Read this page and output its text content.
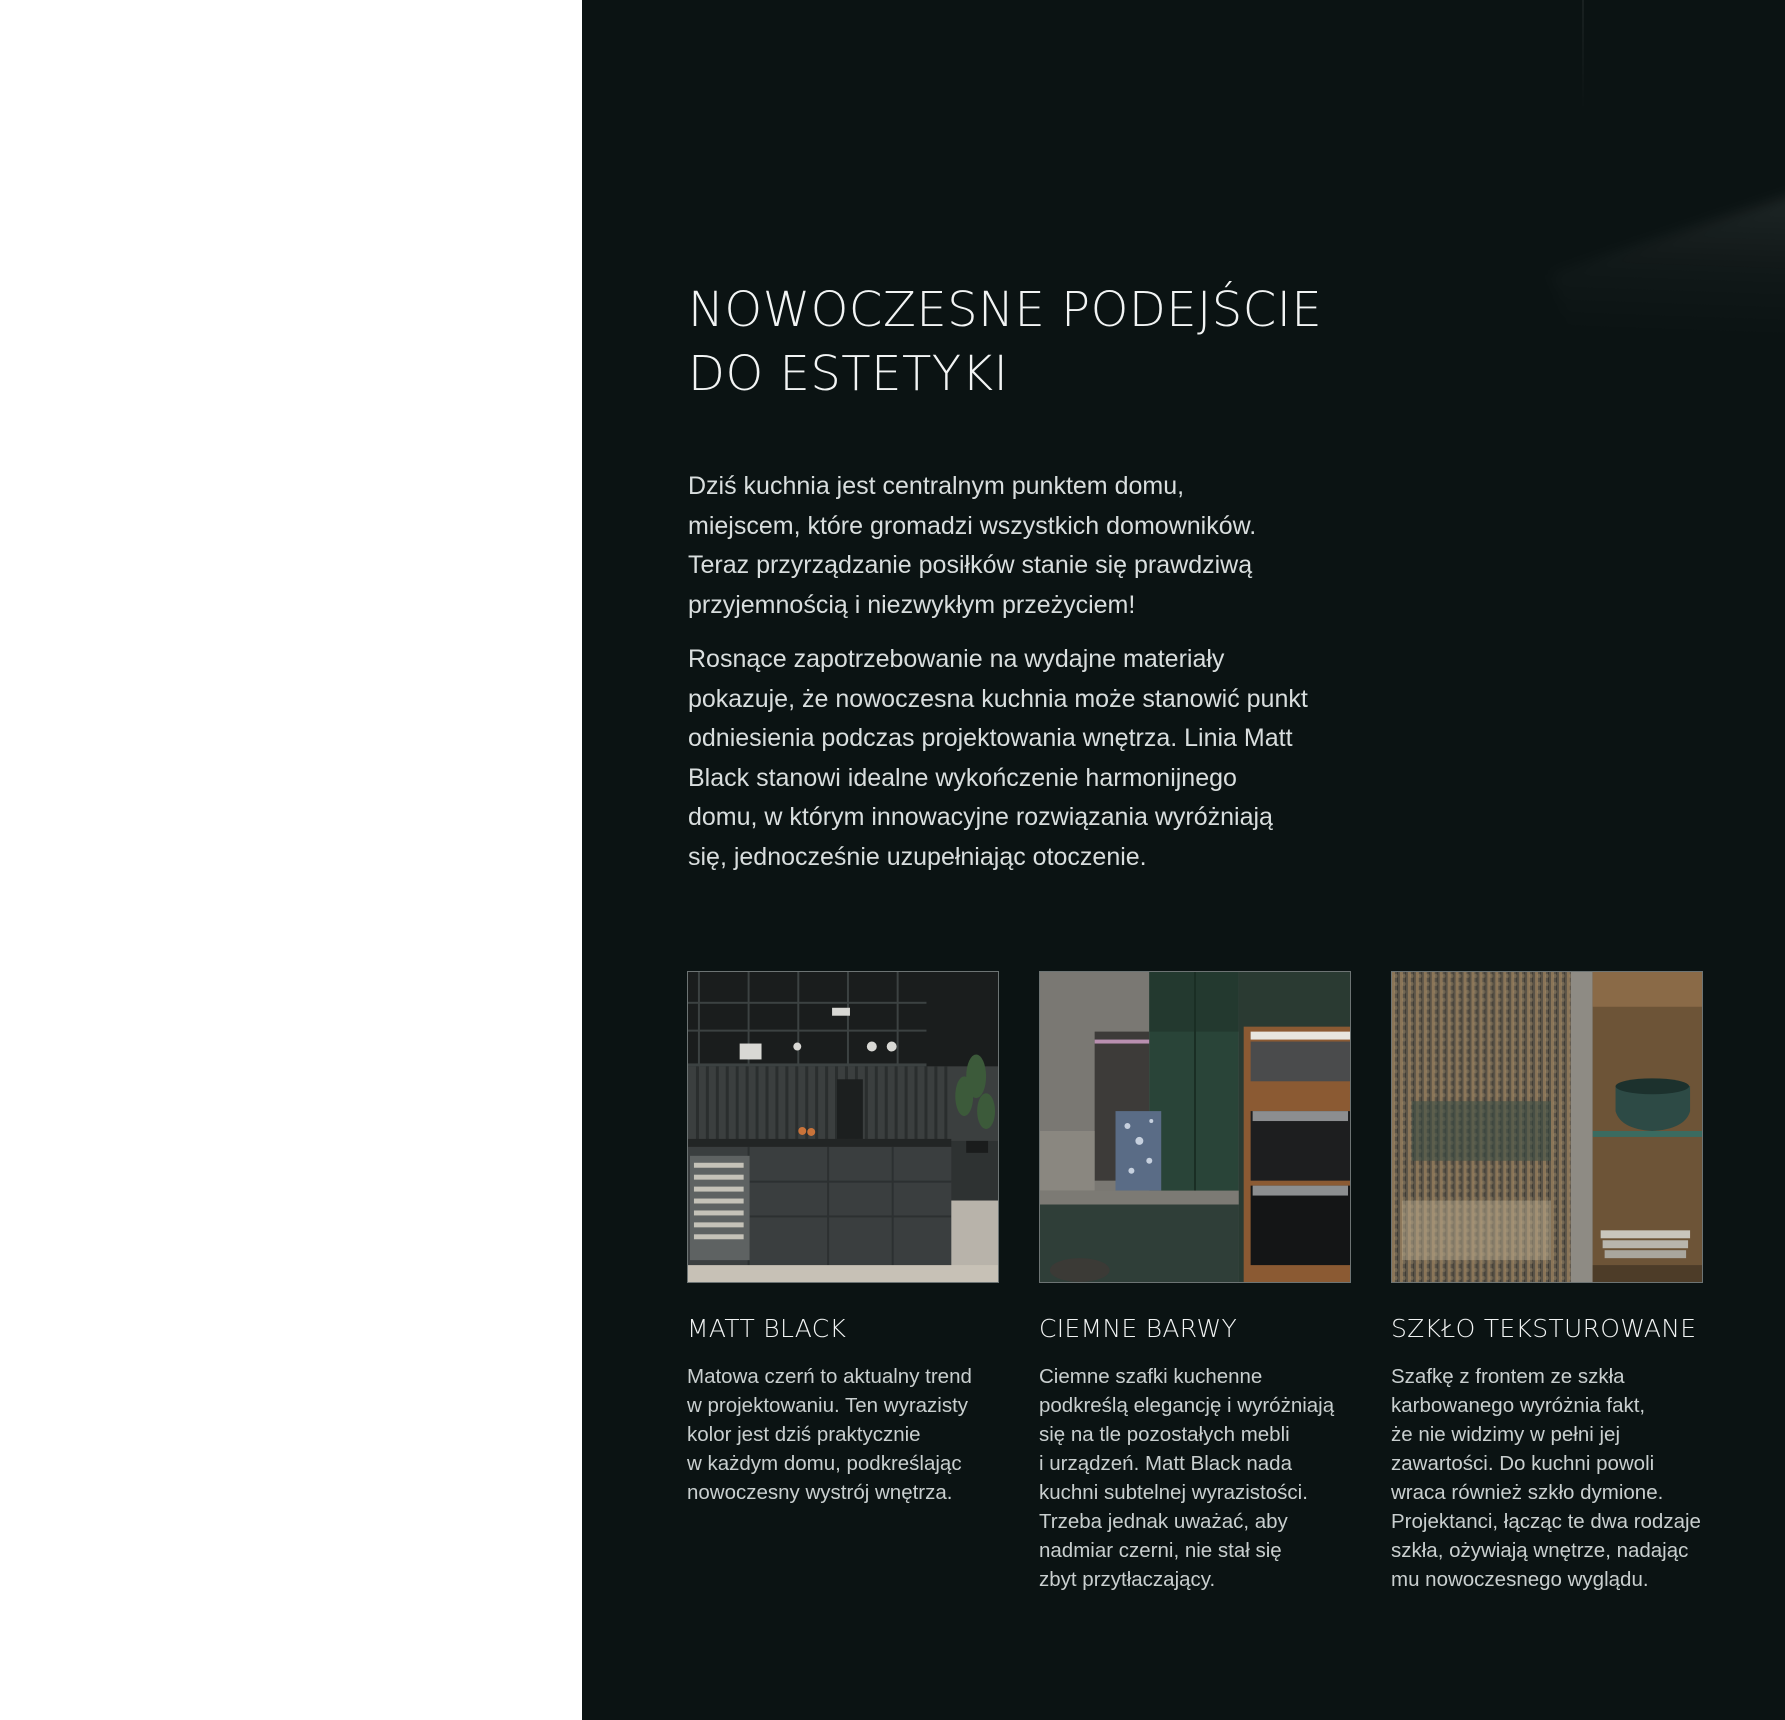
NOWOCZESNE PODEJŚCIE
DO ESTETYKI

Dziś kuchnia jest centralnym punktem domu,
miejscem, które gromadzi wszystkich domowników.
Teraz przyrządzanie posiłków stanie się prawdziwą
przyjemnością i niezwykłym przeżyciem!

Rosnące zapotrzebowanie na wydajne materiały
pokazuje, że nowoczesna kuchnia może stanowić punkt
odniesienia podczas projektowania wnętrza. Linia Matt
Black stanowi idealne wykończenie harmonijnego
domu, w którym innowacyjne rozwiązania wyróżniają
się, jednocześnie uzupełniając otoczenie.

MATT BLACK	CIEMNE BARWY	SZKŁO TEKSTUROWANE
Matowa czerń to aktualny trend
w projektowaniu. Ten wyrazisty
kolor jest dziś praktycznie
w każdym domu, podkreślając
nowoczesny wystrój wnętrza.
Ciemne szafki kuchenne
podkreślą elegancję i wyróżniają
się na tle pozostałych mebli
i urządzeń. Matt Black nada
kuchni subtelnej wyrazistości.
Trzeba jednak uważać, aby
nadmiar czerni, nie stał się
zbyt przytłaczający.
Szafkę z frontem ze szkła
karbowanego wyróżnia fakt,
że nie widzimy w pełni jej
zawartości. Do kuchni powoli
wraca również szkło dymione.
Projektanci, łącząc te dwa rodzaje
szkła, ożywiają wnętrze, nadając
mu nowoczesnego wyglądu.
